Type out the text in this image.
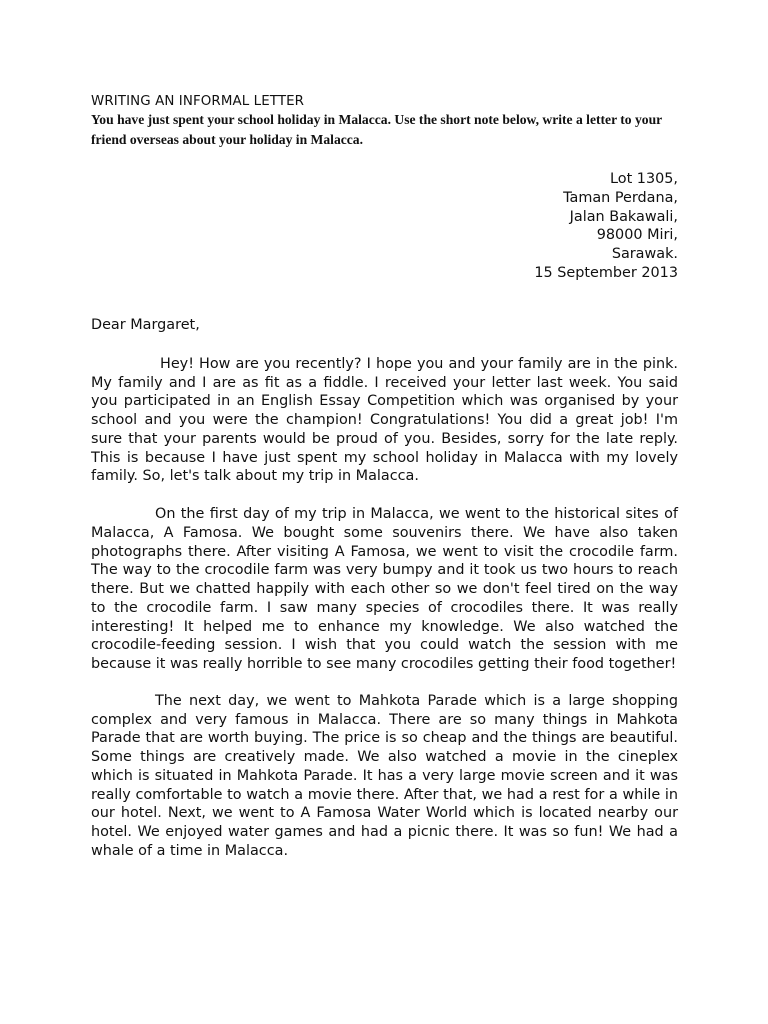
WRITING AN INFORMAL LETTER

You have just spent your school holiday in Malacca. Use the short note below, write a letter to your friend overseas about your holiday in Malacca.

Lot 1305,
Taman Perdana,
Jalan Bakawali,
98000 Miri,
Sarawak.
15 September 2013
Dear Margaret,

Hey! How are you recently? I hope you and your family are in the pink. My family and I are as fit as a fiddle. I received your letter last week. You said you participated in an English Essay Competition which was organised by your school and you were the champion! Congratulations! You did a great job! I'm sure that your parents would be proud of you. Besides, sorry for the late reply. This is because I have just spent my school holiday in Malacca with my lovely family. So, let's talk about my trip in Malacca.

On the first day of my trip in Malacca, we went to the historical sites of Malacca, A Famosa. We bought some souvenirs there. We have also taken photographs there. After visiting A Famosa, we went to visit the crocodile farm. The way to the crocodile farm was very bumpy and it took us two hours to reach there. But we chatted happily with each other so we don't feel tired on the way to the crocodile farm. I saw many species of crocodiles there. It was really interesting! It helped me to enhance my knowledge. We also watched the crocodile-feeding session. I wish that you could watch the session with me because it was really horrible to see many crocodiles getting their food together!

The next day, we went to Mahkota Parade which is a large shopping complex and very famous in Malacca. There are so many things in Mahkota Parade that are worth buying. The price is so cheap and the things are beautiful. Some things are creatively made. We also watched a movie in the cineplex which is situated in Mahkota Parade. It has a very large movie screen and it was really comfortable to watch a movie there. After that, we had a rest for a while in our hotel. Next, we went to A Famosa Water World which is located nearby our hotel. We enjoyed water games and had a picnic there. It was so fun! We had a whale of a time in Malacca.
